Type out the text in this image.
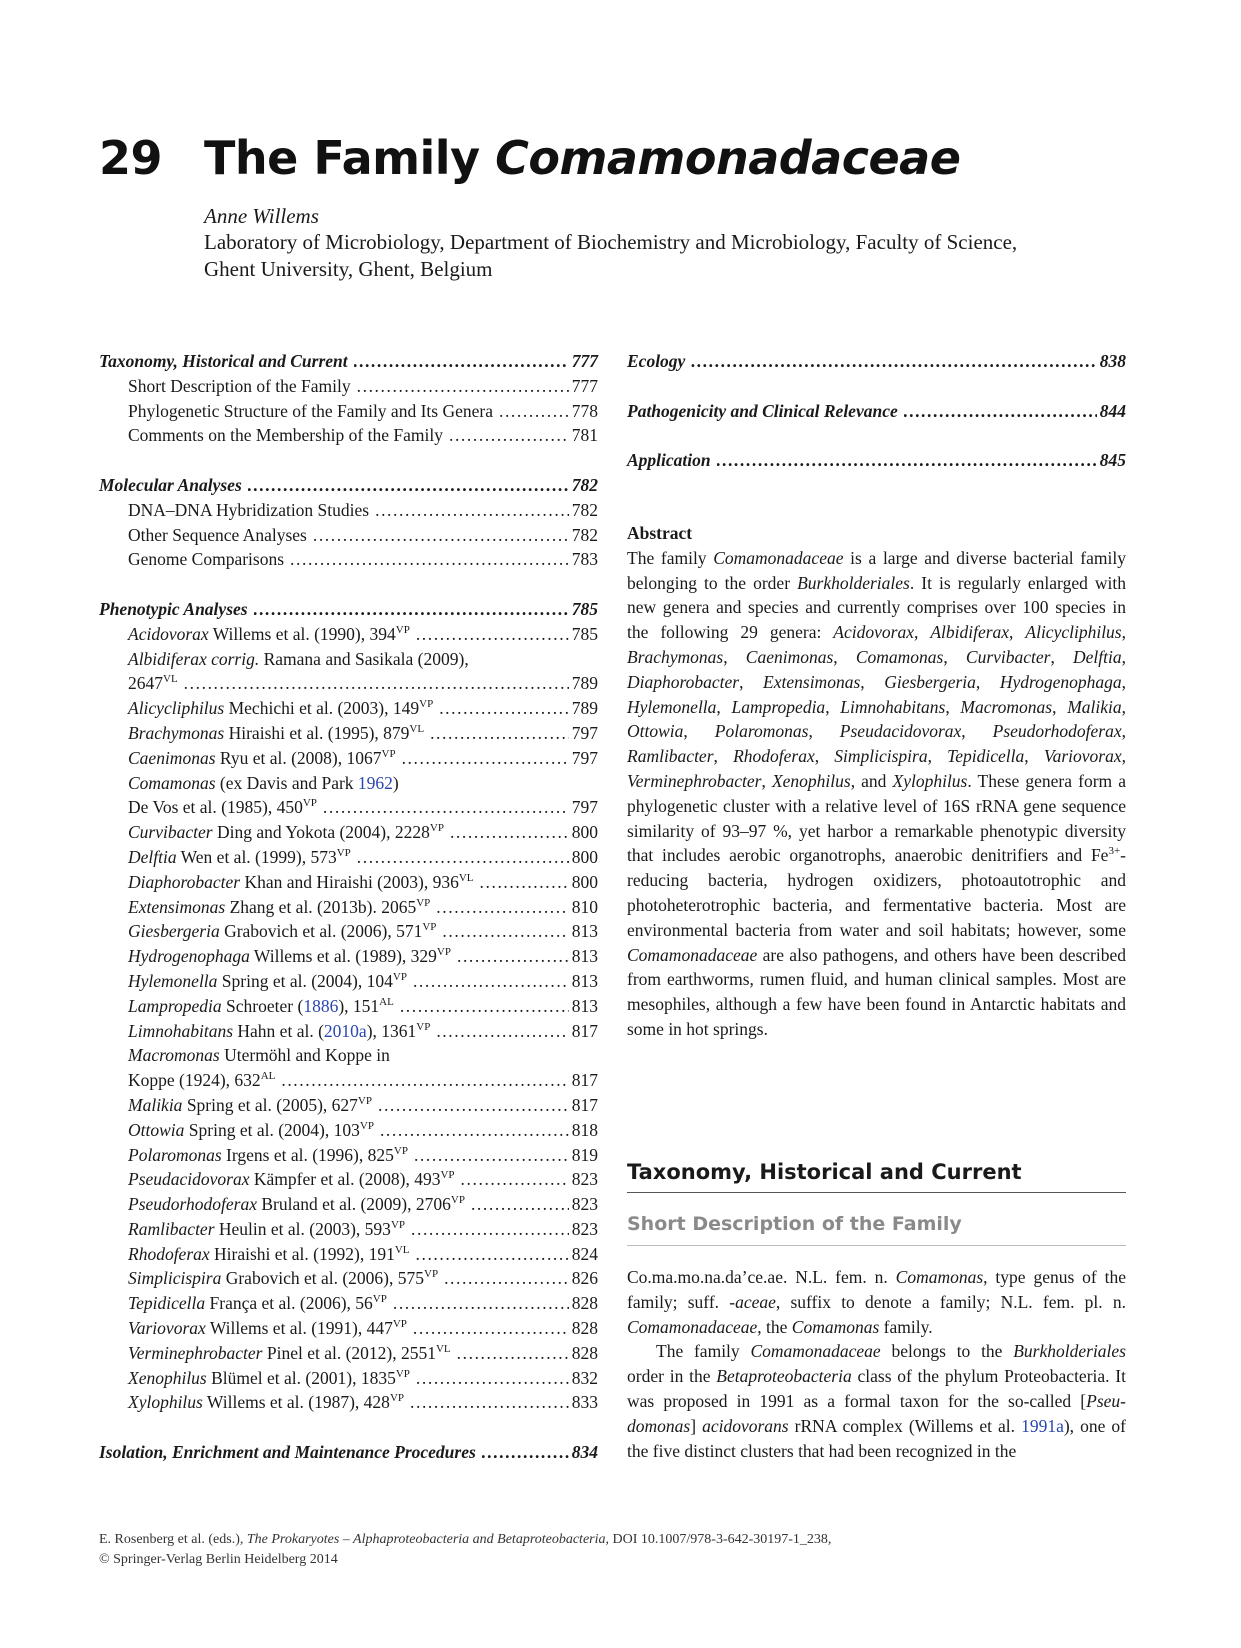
29 The Family Comamonadaceae
Anne Willems
Laboratory of Microbiology, Department of Biochemistry and Microbiology, Faculty of Science,
Ghent University, Ghent, Belgium
Taxonomy, Historical and Current .....	777
Short Description of the Family .....	777
Phylogenetic Structure of the Family and Its Genera .....	778
Comments on the Membership of the Family .....	781
Molecular Analyses .....	782
DNA–DNA Hybridization Studies .....	782
Other Sequence Analyses .....	782
Genome Comparisons .....	783
Phenotypic Analyses .....	785
Acidovorax Willems et al. (1990), $394^{VP}$ .....	785
Albidiferax corrig. Ramana and Sasikala (2009),
$2647^{VL}$ .....	789
Alicycliphilus Mechichi et al. (2003), $149^{VP}$ .....	789
Brachymonas Hiraishi et al. (1995), $879^{VL}$ .....	797
Caenimonas Ryu et al. (2008), $1067^{VP}$ .....	797
Comamonas (ex Davis and Park 1962)
De Vos et al. (1985), $450^{VP}$ .....	797
Curvibacter Ding and Yokota (2004), $2228^{VP}$ .....	800
Delftia Wen et al. (1999), $573^{VP}$ .....	800
Diaphorobacter Khan and Hiraishi (2003), $936^{VL}$ .....	800
Extensimonas Zhang et al. (2013b). $2065^{VP}$ .....	810
Giesbergeria Grabovich et al. (2006), $571^{VP}$ .....	813
Hydrogenophaga Willems et al. (1989), $329^{VP}$ .....	813
Hylemonella Spring et al. (2004), $104^{VP}$ .....	813
Lampropedia Schroeter (1886), $151^{AL}$ .....	813
Limnohabitans Hahn et al. (2010a), $1361^{VP}$ .....	817
Macromonas Utermöhl and Koppe in
Koppe (1924), $632^{AL}$ .....	817
Malikia Spring et al. (2005), $627^{VP}$ .....	817
Ottowia Spring et al. (2004), $103^{VP}$ .....	818
Polaromonas Irgens et al. (1996), $825^{VP}$ .....	819
Pseudacidovorax Kämpfer et al. (2008), $493^{VP}$ .....	823
Pseudorhodoferax Bruland et al. (2009), $2706^{VP}$ .....	823
Ramlibacter Heulin et al. (2003), $593^{VP}$ .....	823
Rhodoferax Hiraishi et al. (1992), $191^{VL}$ .....	824
Simplicispira Grabovich et al. (2006), $575^{VP}$ .....	826
Tepidicella França et al. (2006), $56^{VP}$ .....	828
Variovorax Willems et al. (1991), $447^{VP}$ .....	828
Verminephrobacter Pinel et al. (2012), $2551^{VL}$ .....	828
Xenophilus Blümel et al. (2001), $1835^{VP}$ .....	832
Xylophilus Willems et al. (1987), $428^{VP}$ .....	833
Isolation, Enrichment and Maintenance Procedures .....	834
Ecology .....	838
Pathogenicity and Clinical Relevance .....	844
Application .....	845
Abstract
The family Comamonadaceae is a large and diverse bacterial family belonging to the order Burkholderiales. It is regularly enlarged with new genera and species and currently comprises over 100 species in the following 29 genera: Acidovorax, Albidiferax, Alicycliphilus, Brachymonas, Caenimonas, Comamonas, Curvibacter, Delftia, Diaphorobacter, Extensimonas, Giesbergeria, Hydrogenophaga, Hylemonella, Lampropedia, Limnohabitans, Macromonas, Malikia, Ottowia, Polaromonas, Pseudacidovorax, Pseudorhodoferax, Ramlibacter, Rhodoferax, Simplicispira, Tepidicella, Variovorax, Verminephrobacter, Xenophilus, and Xylophilus. These genera form a phylogenetic cluster with a relative level of 16S rRNA gene sequence similarity of 93–97 %, yet harbor a remarkable phenotypic diversity that includes aerobic organotrophs, anaerobic denitrifiers and $Fe^{3+}$-reducing bacteria, hydrogen oxidizers, photoautotrophic and photoheterotrophic bacteria, and fermentative bacteria. Most are environmental bacteria from water and soil habitats; however, some Comamonadaceae are also pathogens, and others have been described from earthworms, rumen fluid, and human clinical samples. Most are mesophiles, although a few have been found in Antarctic habitats and some in hot springs.
Taxonomy, Historical and Current
Short Description of the Family

Co.ma.mo.na.da’ce.ae. N.L. fem. n. Comamonas, type genus of the family; suff. -aceae, suffix to denote a family; N.L. fem. pl. n. Comamonadaceae, the Comamonas family.

The family Comamonadaceae belongs to the Burkholderiales order in the Betaproteobacteria class of the phylum Proteobacteria. It was proposed in 1991 as a formal taxon for the so-called [Pseudomonas] acidovorans rRNA complex (Willems et al. 1991a), one of the five distinct clusters that had been recognized in the

E. Rosenberg et al. (eds.), The Prokaryotes – Alphaproteobacteria and Betaproteobacteria, DOI 10.1007/978-3-642-30197-1_238,
© Springer-Verlag Berlin Heidelberg 2014
